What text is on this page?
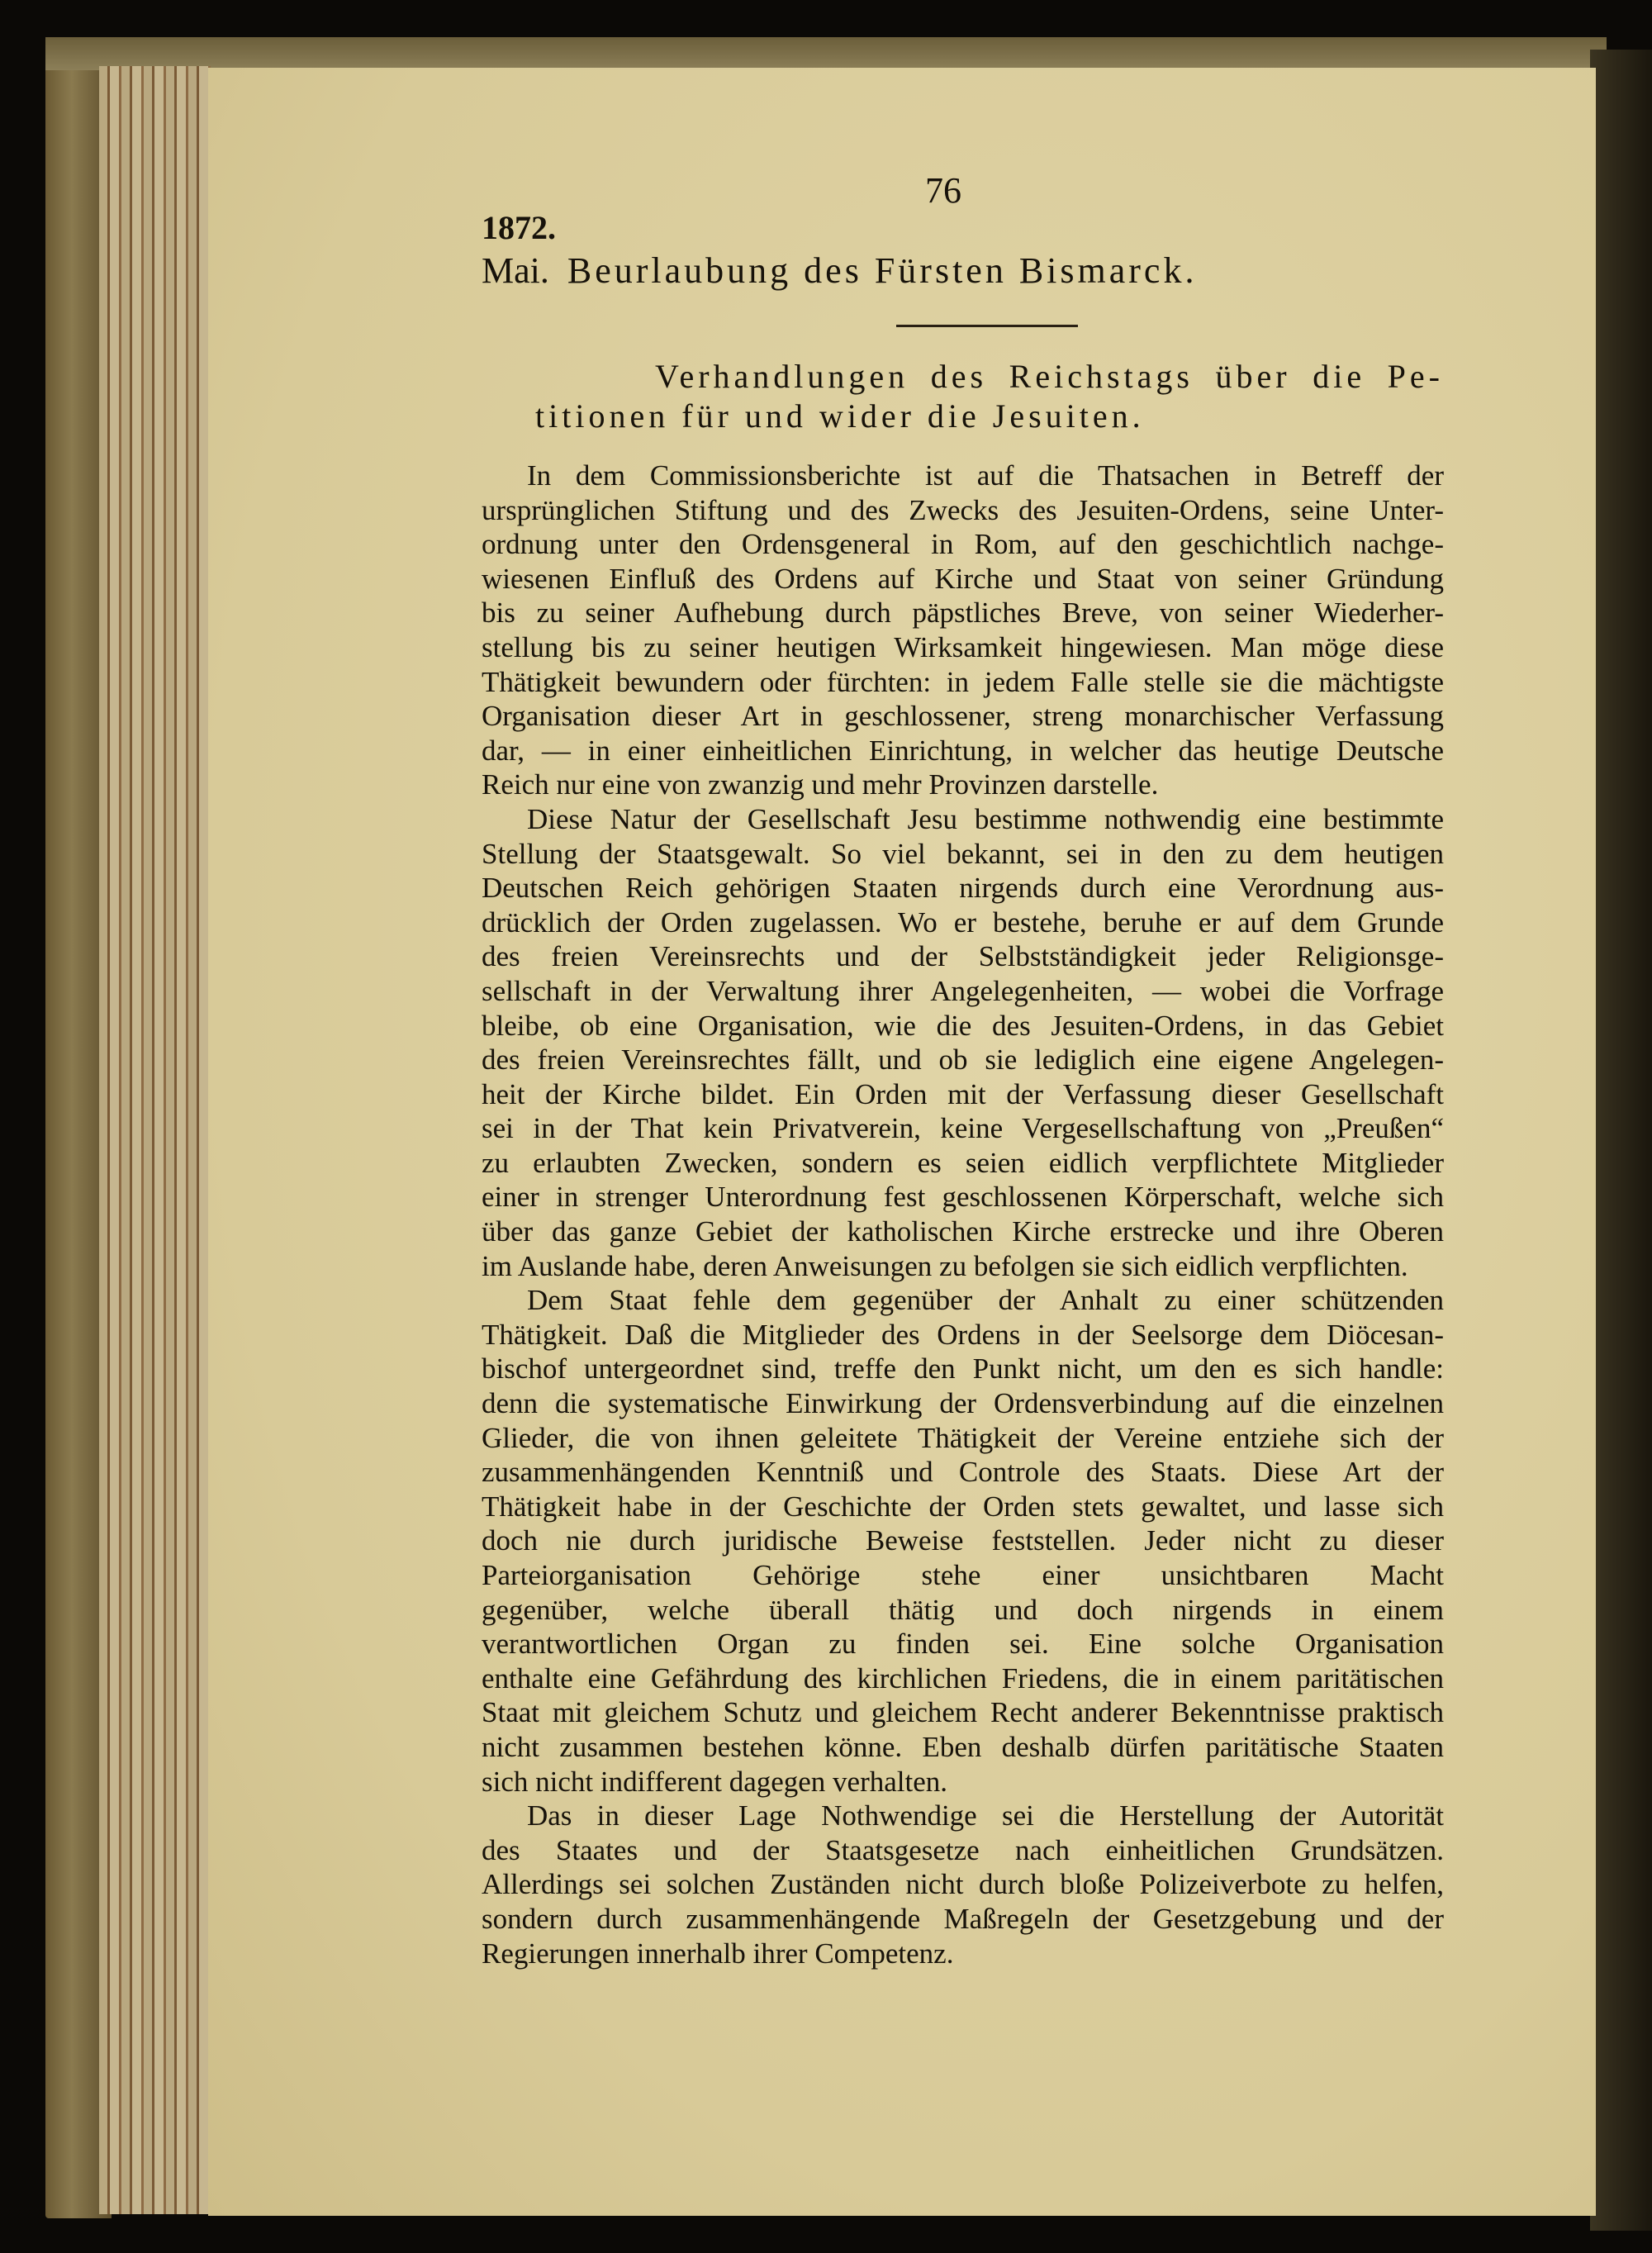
76
1872.
Mai. Beurlaubung des Fürsten Bismarck.
Verhandlungen des Reichstags über die Pe-
titionen für und wider die Jesuiten.
In dem Commissionsberichte ist auf die Thatsachen in Betreff der
ursprünglichen Stiftung und des Zwecks des Jesuiten-Ordens, seine Unter-
ordnung unter den Ordensgeneral in Rom, auf den geschichtlich nachge-
wiesenen Einfluß des Ordens auf Kirche und Staat von seiner Gründung
bis zu seiner Aufhebung durch päpstliches Breve, von seiner Wiederher-
stellung bis zu seiner heutigen Wirksamkeit hingewiesen. Man möge diese
Thätigkeit bewundern oder fürchten: in jedem Falle stelle sie die mächtigste
Organisation dieser Art in geschlossener, streng monarchischer Verfassung
dar, — in einer einheitlichen Einrichtung, in welcher das heutige Deutsche
Reich nur eine von zwanzig und mehr Provinzen darstelle.
Diese Natur der Gesellschaft Jesu bestimme nothwendig eine bestimmte
Stellung der Staatsgewalt. So viel bekannt, sei in den zu dem heutigen
Deutschen Reich gehörigen Staaten nirgends durch eine Verordnung aus-
drücklich der Orden zugelassen. Wo er bestehe, beruhe er auf dem Grunde
des freien Vereinsrechts und der Selbstständigkeit jeder Religionsge-
sellschaft in der Verwaltung ihrer Angelegenheiten, — wobei die Vorfrage
bleibe, ob eine Organisation, wie die des Jesuiten-Ordens, in das Gebiet
des freien Vereinsrechtes fällt, und ob sie lediglich eine eigene Angelegen-
heit der Kirche bildet. Ein Orden mit der Verfassung dieser Gesellschaft
sei in der That kein Privatverein, keine Vergesellschaftung von „Preußen“
zu erlaubten Zwecken, sondern es seien eidlich verpflichtete Mitglieder
einer in strenger Unterordnung fest geschlossenen Körperschaft, welche sich
über das ganze Gebiet der katholischen Kirche erstrecke und ihre Oberen
im Auslande habe, deren Anweisungen zu befolgen sie sich eidlich verpflichten.
Dem Staat fehle dem gegenüber der Anhalt zu einer schützenden
Thätigkeit. Daß die Mitglieder des Ordens in der Seelsorge dem Diöcesan-
bischof untergeordnet sind, treffe den Punkt nicht, um den es sich handle:
denn die systematische Einwirkung der Ordensverbindung auf die einzelnen
Glieder, die von ihnen geleitete Thätigkeit der Vereine entziehe sich der
zusammenhängenden Kenntniß und Controle des Staats. Diese Art der
Thätigkeit habe in der Geschichte der Orden stets gewaltet, und lasse sich
doch nie durch juridische Beweise feststellen. Jeder nicht zu dieser
Parteiorganisation Gehörige stehe einer unsichtbaren Macht
gegenüber, welche überall thätig und doch nirgends in einem
verantwortlichen Organ zu finden sei. Eine solche Organisation
enthalte eine Gefährdung des kirchlichen Friedens, die in einem paritätischen
Staat mit gleichem Schutz und gleichem Recht anderer Bekenntnisse praktisch
nicht zusammen bestehen könne. Eben deshalb dürfen paritätische Staaten
sich nicht indifferent dagegen verhalten.
Das in dieser Lage Nothwendige sei die Herstellung der Autorität
des Staates und der Staatsgesetze nach einheitlichen Grundsätzen.
Allerdings sei solchen Zuständen nicht durch bloße Polizeiverbote zu helfen,
sondern durch zusammenhängende Maßregeln der Gesetzgebung und der
Regierungen innerhalb ihrer Competenz.
